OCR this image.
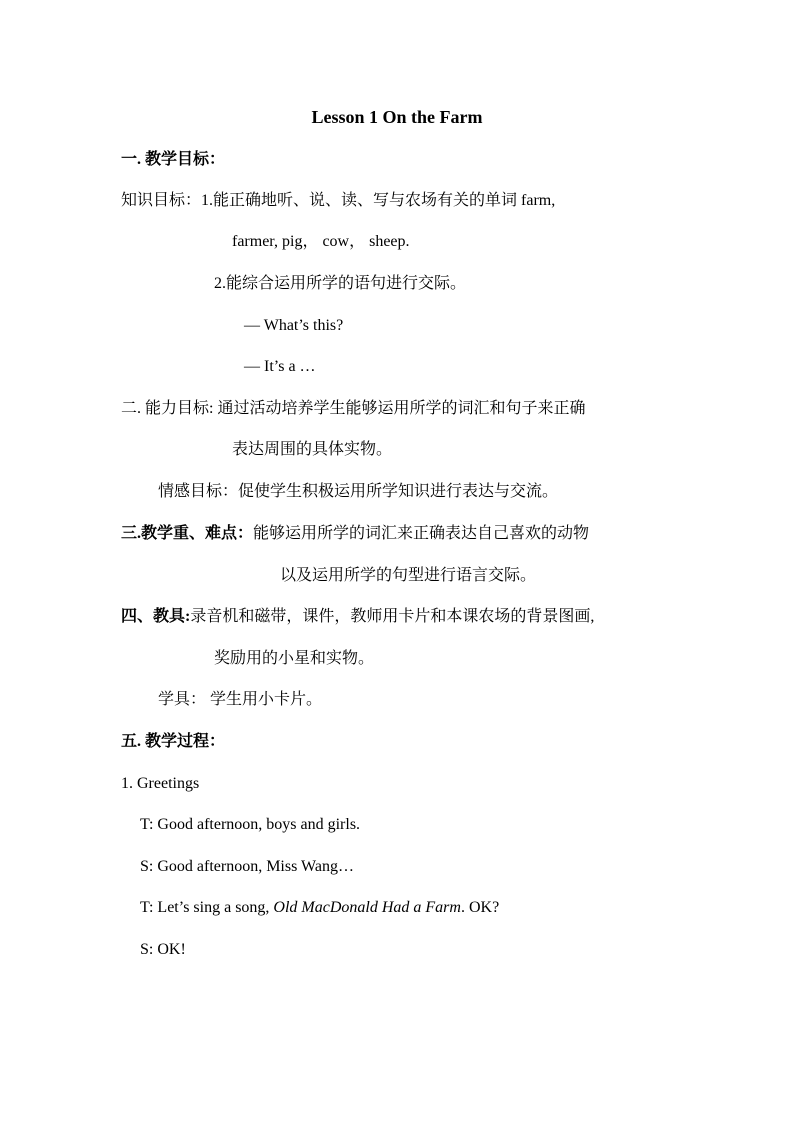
Lesson 1 On the Farm
一. 教学目标：
知识目标：1.能正确地听、说、读、写与农场有关的单词 farm,
farmer, pig， cow， sheep.
2.能综合运用所学的语句进行交际。
— What’s this?
— It’s a …
二. 能力目标: 通过活动培养学生能够运用所学的词汇和句子来正确
表达周围的具体实物。
情感目标：促使学生积极运用所学知识进行表达与交流。
三.教学重、难点：能够运用所学的词汇来正确表达自己喜欢的动物
以及运用所学的句型进行语言交际。
四、教具:录音机和磁带，课件，教师用卡片和本课农场的背景图画,
奖励用的小星和实物。
学具： 学生用小卡片。
五. 教学过程：
1. Greetings
T: Good afternoon, boys and girls.
S: Good afternoon, Miss Wang…
T: Let’s sing a song, Old MacDonald Had a Farm. OK?
S: OK!
